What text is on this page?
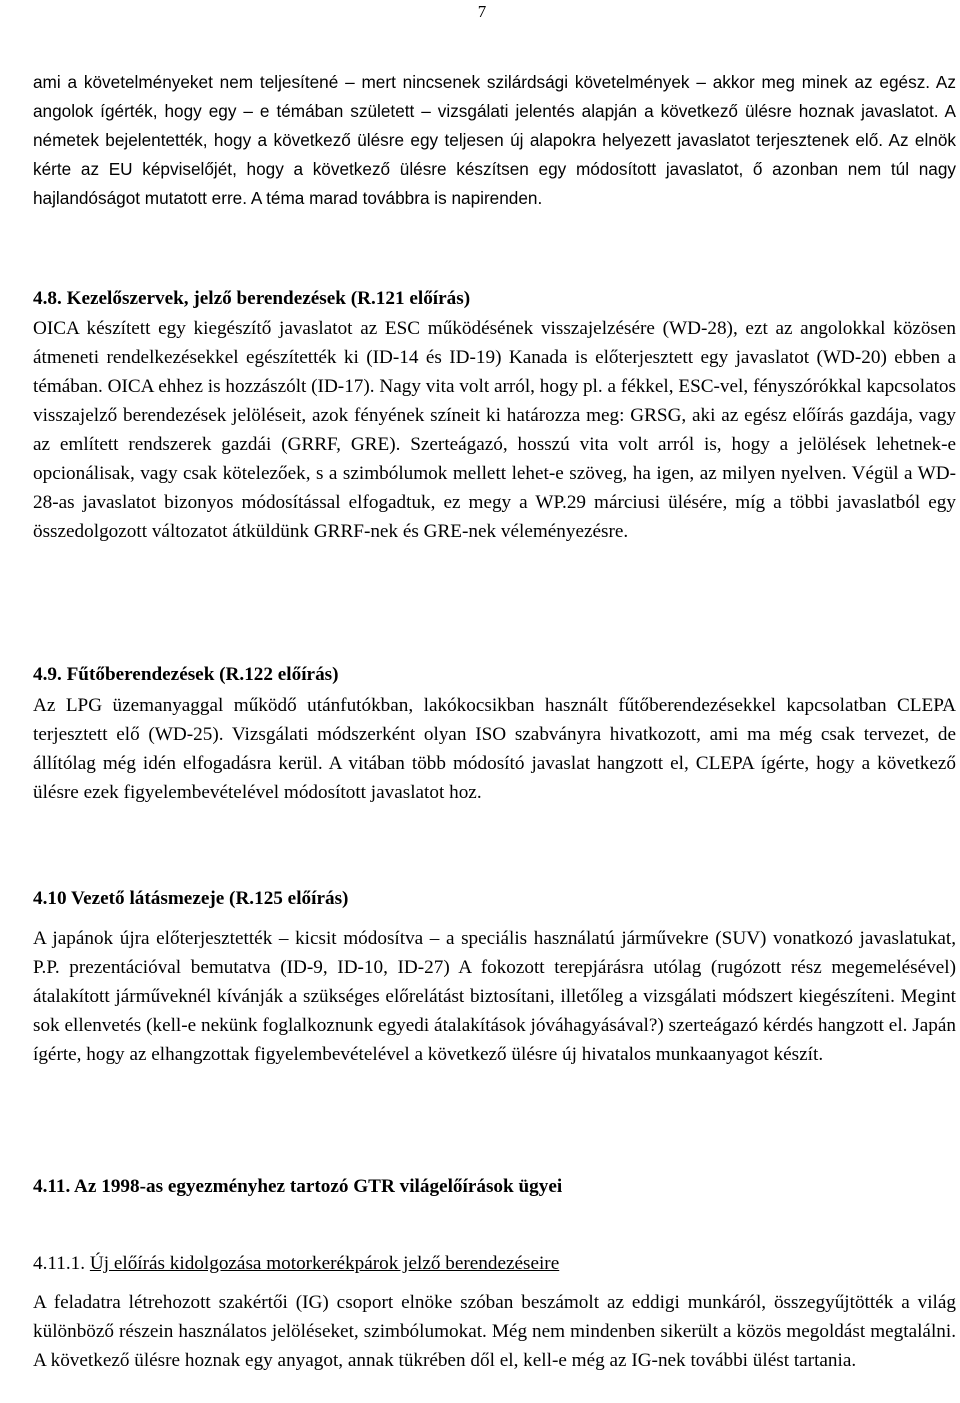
7

ami a követelményeket nem teljesítené – mert nincsenek szilárdsági követelmények – akkor meg minek az egész. Az angolok ígérték, hogy egy – e témában született – vizsgálati jelentés alapján a következő ülésre hoznak javaslatot. A németek bejelentették, hogy a következő ülésre egy teljesen új alapokra helyezett javaslatot terjesztenek elő. Az elnök kérte az EU képviselőjét, hogy a következő ülésre készítsen egy módosított javaslatot, ő azonban nem túl nagy hajlandóságot mutatott erre. A téma marad továbbra is napirenden.

4.8. Kezelőszervek, jelző berendezések (R.121 előírás)

OICA készített egy kiegészítő javaslatot az ESC működésének visszajelzésére (WD-28), ezt az angolokkal közösen átmeneti rendelkezésekkel egészítették ki (ID-14 és ID-19) Kanada is előterjesztett egy javaslatot (WD-20) ebben a témában. OICA ehhez is hozzászólt (ID-17). Nagy vita volt arról, hogy pl. a fékkel, ESC-vel, fényszórókkal kapcsolatos visszajelző berendezések jelöléseit, azok fényének színeit ki határozza meg: GRSG, aki az egész előírás gazdája, vagy az említett rendszerek gazdái (GRRF, GRE). Szerteágazó, hosszú vita volt arról is, hogy a jelölések lehetnek-e opcionálisak, vagy csak kötelezőek, s a szimbólumok mellett lehet-e szöveg, ha igen, az milyen nyelven. Végül a WD-28-as javaslatot bizonyos módosítással elfogadtuk, ez megy a WP.29 márciusi ülésére, míg a többi javaslatból egy összedolgozott változatot átküldünk GRRF-nek és GRE-nek véleményezésre.

4.9. Fűtőberendezések (R.122 előírás)

Az LPG üzemanyaggal működő utánfutókban, lakókocsikban használt fűtőberendezésekkel kapcsolatban CLEPA terjesztett elő (WD-25). Vizsgálati módszerként olyan ISO szabványra hivatkozott, ami ma még csak tervezet, de állítólag még idén elfogadásra kerül. A vitában több módosító javaslat hangzott el, CLEPA ígérte, hogy a következő ülésre ezek figyelembevételével módosított javaslatot hoz.

4.10 Vezető látásmezeje (R.125 előírás)

A japánok újra előterjesztették – kicsit módosítva – a speciális használatú járművekre (SUV) vonatkozó javaslatukat, P.P. prezentációval bemutatva (ID-9, ID-10, ID-27) A fokozott terepjárásra utólag (rugózott rész megemelésével) átalakított járműveknél kívánják a szükséges előrelátást biztosítani, illetőleg a vizsgálati módszert kiegészíteni. Megint sok ellenvetés (kell-e nekünk foglalkoznunk egyedi átalakítások jóváhagyásával?) szerteágazó kérdés hangzott el. Japán ígérte, hogy az elhangzottak figyelembevételével a következő ülésre új hivatalos munkaanyagot készít.

4.11. Az 1998-as egyezményhez tartozó GTR világelőírások ügyei
4.11.1. Új előírás kidolgozása motorkerékpárok jelző berendezéseire

A feladatra létrehozott szakértői (IG) csoport elnöke szóban beszámolt az eddigi munkáról, összegyűjtötték a világ különböző részein használatos jelöléseket, szimbólumokat. Még nem mindenben sikerült a közös megoldást megtalálni. A következő ülésre hoznak egy anyagot, annak tükrében dől el, kell-e még az IG-nek további ülést tartania.
